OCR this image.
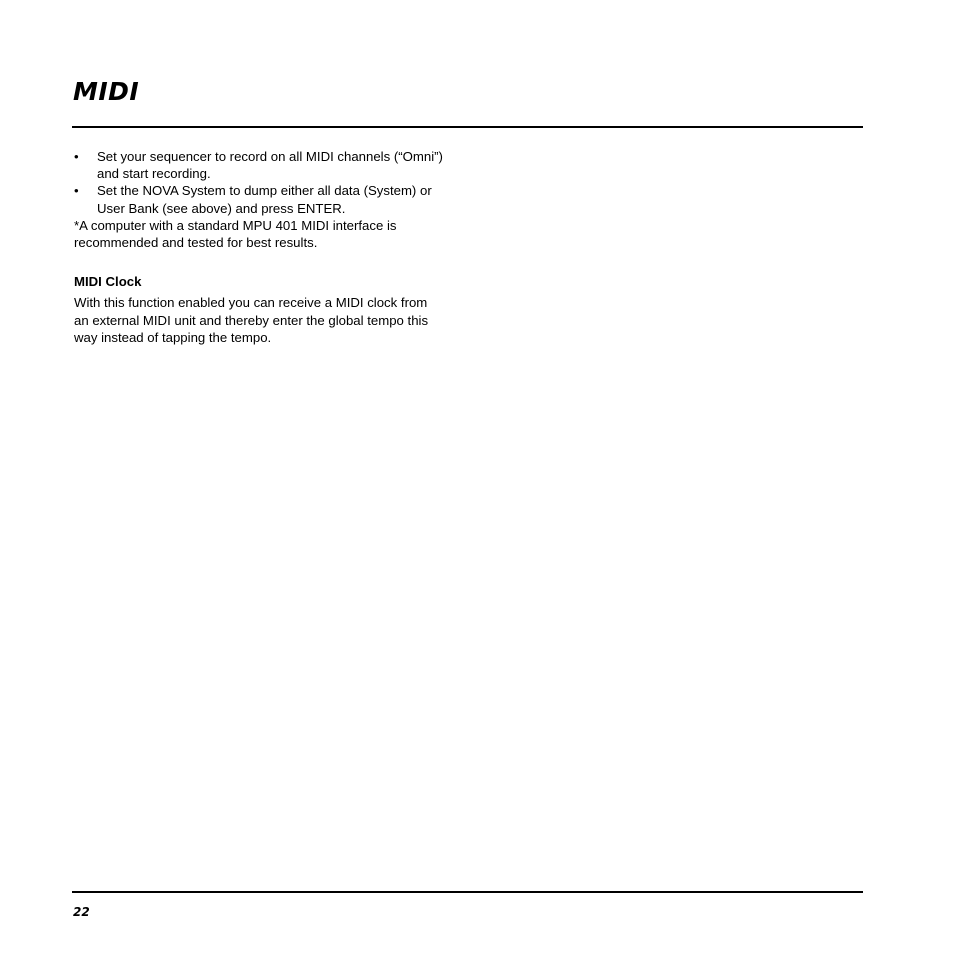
MIDI
•	Set your sequencer to record on all MIDI channels (“Omni”) and start recording.
•	Set the NOVA System to dump either all data (System) or User Bank (see above) and press ENTER.

*A computer with a standard MPU 401 MIDI interface is recommended and tested for best results.

MIDI Clock

With this function enabled you can receive a MIDI clock from an external MIDI unit and thereby enter the global tempo this way instead of tapping the tempo.

22
